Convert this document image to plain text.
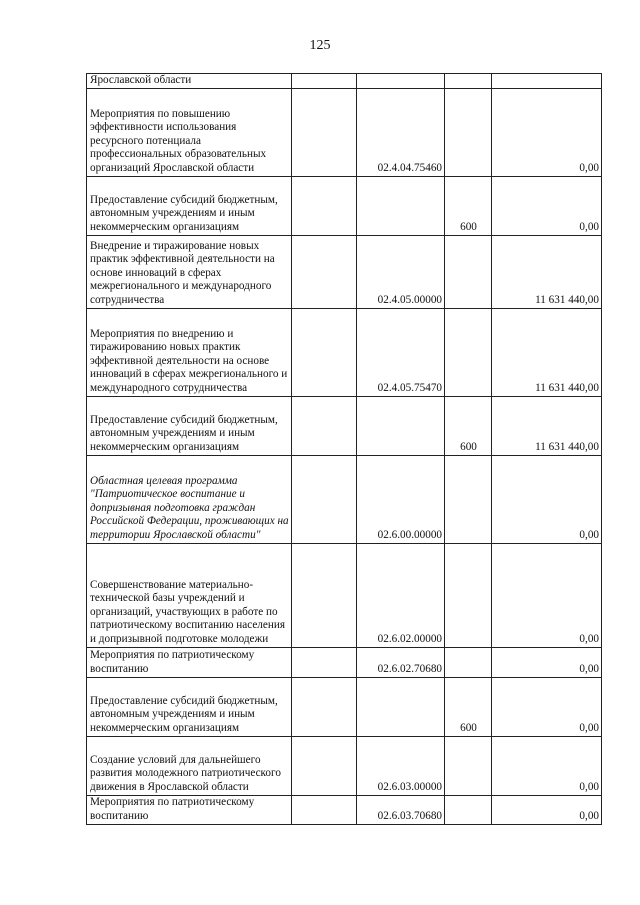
125
Ярославской области				
Мероприятия по повышению эффективности использования ресурсного потенциала профессиональных образовательных организаций Ярославской области		02.4.04.75460		0,00
Предоставление субсидий бюджетным, автономным учреждениям и иным некоммерческим организациям			600	0,00
Внедрение и тиражирование новых практик эффективной деятельности на основе инноваций в сферах межрегионального и международного сотрудничества		02.4.05.00000		11 631 440,00
Мероприятия по внедрению и тиражированию новых практик эффективной деятельности на основе инноваций в сферах межрегионального и международного сотрудничества		02.4.05.75470		11 631 440,00
Предоставление субсидий бюджетным, автономным учреждениям и иным некоммерческим организациям			600	11 631 440,00
Областная целевая программа "Патриотическое воспитание и допризывная подготовка граждан Российской Федерации, проживающих на территории Ярославской области"		02.6.00.00000		0,00
Совершенствование материально-технической базы учреждений и организаций, участвующих в работе по патриотическому воспитанию населения и допризывной подготовке молодежи		02.6.02.00000		0,00
Мероприятия по патриотическому воспитанию		02.6.02.70680		0,00
Предоставление субсидий бюджетным, автономным учреждениям и иным некоммерческим организациям			600	0,00
Создание условий для дальнейшего развития молодежного патриотического движения в Ярославской области		02.6.03.00000		0,00
Мероприятия по патриотическому воспитанию		02.6.03.70680		0,00
